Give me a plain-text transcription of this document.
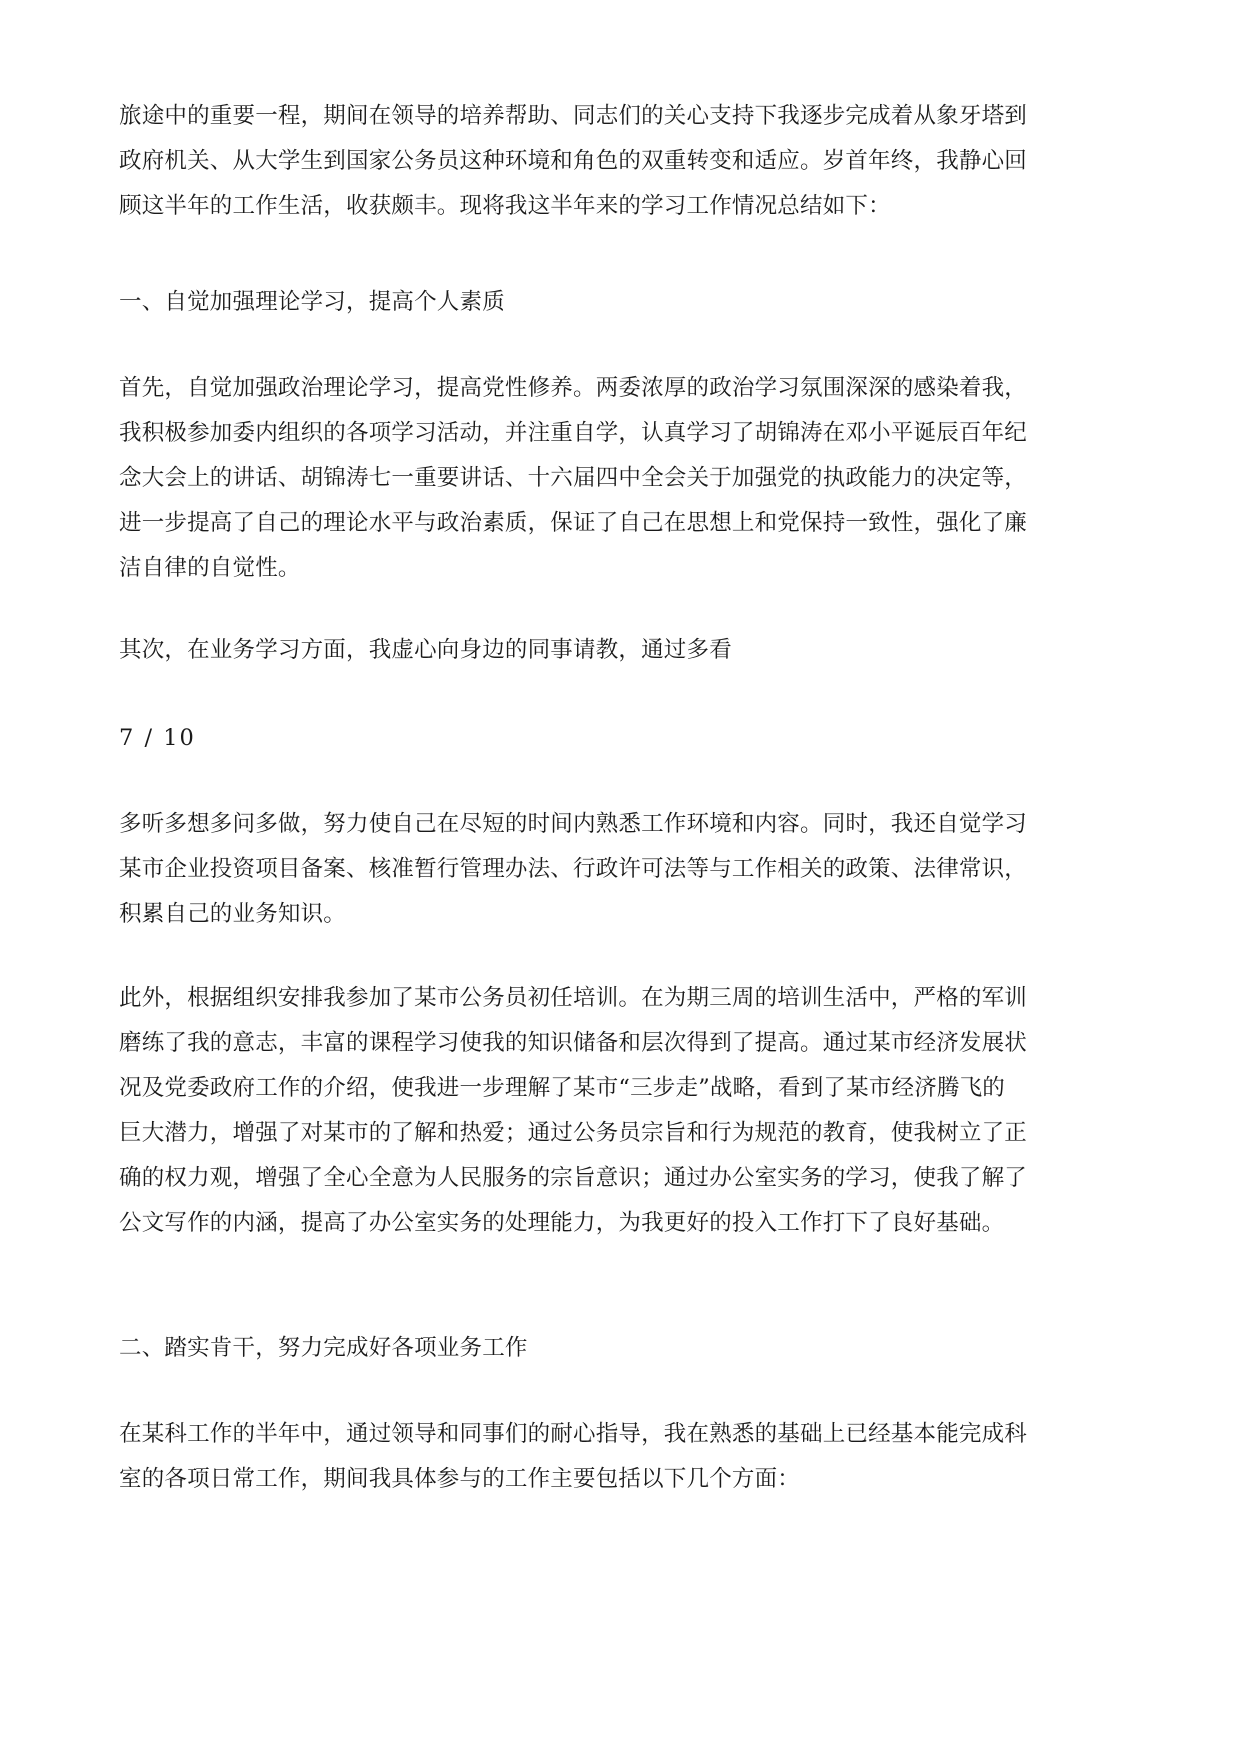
旅途中的重要一程，期间在领导的培养帮助、同志们的关心支持下我逐步完成着从象牙塔到
政府机关、从大学生到国家公务员这种环境和角色的双重转变和适应。岁首年终，我静心回
顾这半年的工作生活，收获颇丰。现将我这半年来的学习工作情况总结如下：
一、自觉加强理论学习，提高个人素质
首先，自觉加强政治理论学习，提高党性修养。两委浓厚的政治学习氛围深深的感染着我，
我积极参加委内组织的各项学习活动，并注重自学，认真学习了胡锦涛在邓小平诞辰百年纪
念大会上的讲话、胡锦涛七一重要讲话、十六届四中全会关于加强党的执政能力的决定等，
进一步提高了自己的理论水平与政治素质，保证了自己在思想上和党保持一致性，强化了廉
洁自律的自觉性。
其次，在业务学习方面，我虚心向身边的同事请教，通过多看
7 / 10
多听多想多问多做，努力使自己在尽短的时间内熟悉工作环境和内容。同时，我还自觉学习
某市企业投资项目备案、核准暂行管理办法、行政许可法等与工作相关的政策、法律常识，
积累自己的业务知识。
此外，根据组织安排我参加了某市公务员初任培训。在为期三周的培训生活中，严格的军训
磨练了我的意志，丰富的课程学习使我的知识储备和层次得到了提高。通过某市经济发展状
况及党委政府工作的介绍，使我进一步理解了某市“三步走”战略，看到了某市经济腾飞的
巨大潜力，增强了对某市的了解和热爱；通过公务员宗旨和行为规范的教育，使我树立了正
确的权力观，增强了全心全意为人民服务的宗旨意识；通过办公室实务的学习，使我了解了
公文写作的内涵，提高了办公室实务的处理能力，为我更好的投入工作打下了良好基础。
二、踏实肯干，努力完成好各项业务工作
在某科工作的半年中，通过领导和同事们的耐心指导，我在熟悉的基础上已经基本能完成科
室的各项日常工作，期间我具体参与的工作主要包括以下几个方面：
